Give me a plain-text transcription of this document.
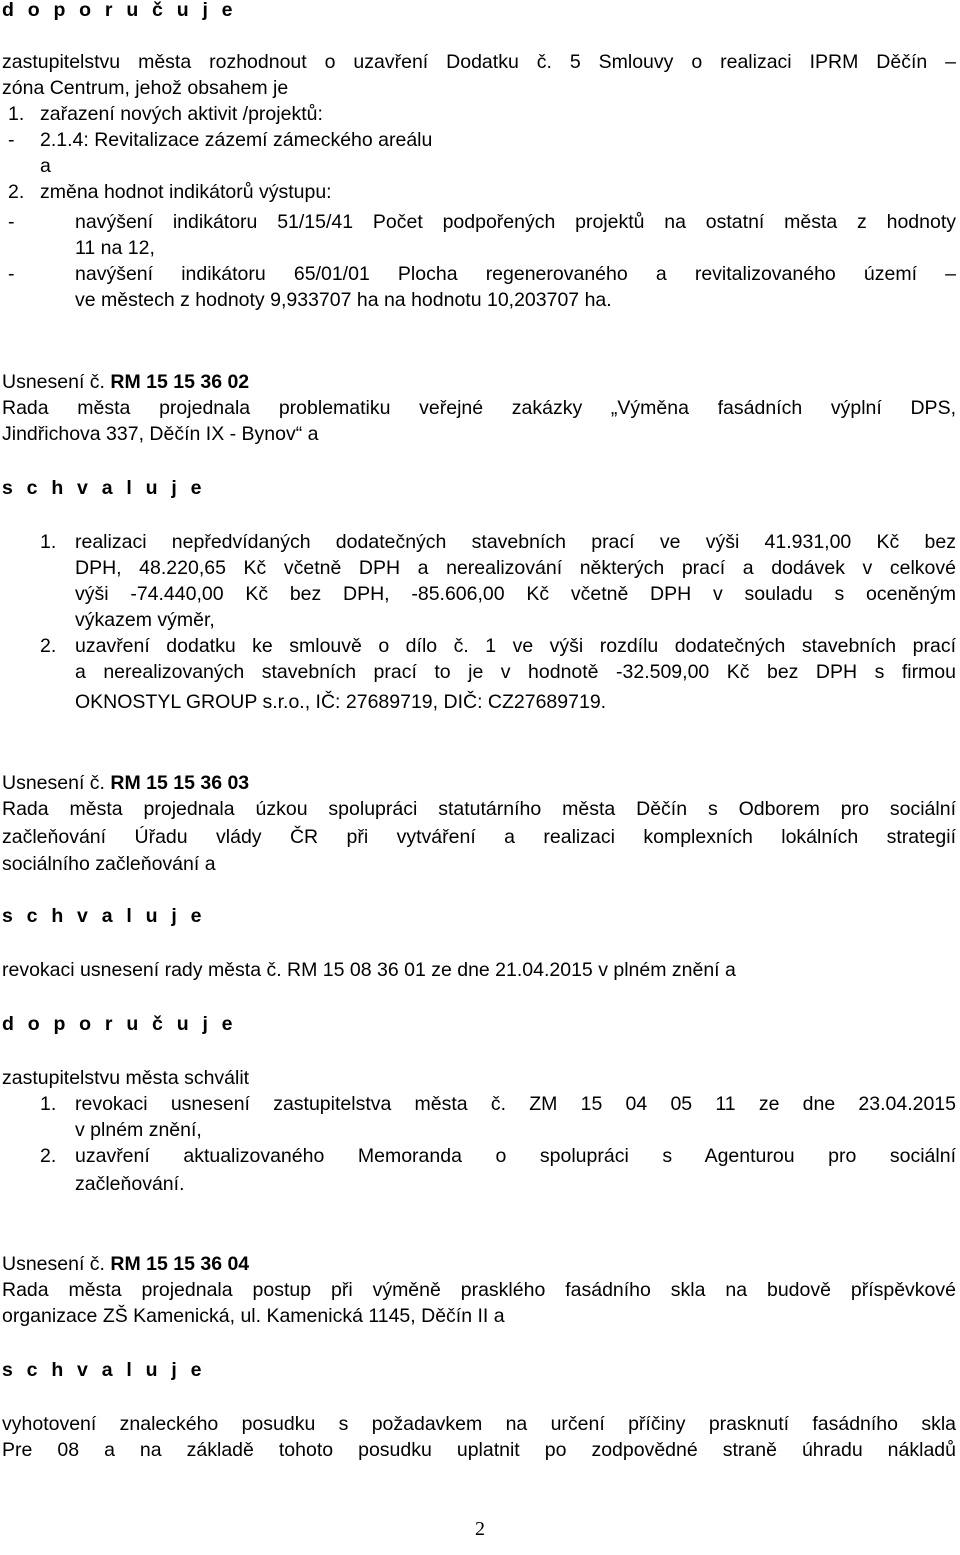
d o p o r u č u j e
zastupitelstvu města rozhodnout o uzavření Dodatku č. 5 Smlouvy o realizaci IPRM Děčín –
zóna Centrum, jehož obsahem je
1. zařazení nových aktivit /projektů:
- 2.1.4: Revitalizace zázemí zámeckého areálu
a
2. změna hodnot indikátorů výstupu:
-	navýšení indikátoru 51/15/41 Počet podpořených projektů na ostatní města z hodnoty
11 na 12,
-	navýšení indikátoru 65/01/01 Plocha regenerovaného a revitalizovaného území –
ve městech z hodnoty 9,933707 ha na hodnotu 10,203707 ha.
Usnesení č. RM 15 15 36 02
Rada města projednala problematiku veřejné zakázky „Výměna fasádních výplní DPS,
Jindřichova 337, Děčín IX - Bynov“ a
s c h v a l u j e
1. realizaci nepředvídaných dodatečných stavebních prací ve výši 41.931,00 Kč bez
DPH, 48.220,65 Kč včetně DPH a nerealizování některých prací a dodávek v celkové
výši -74.440,00 Kč bez DPH, -85.606,00 Kč včetně DPH v souladu s oceněným
výkazem výměr,
2. uzavření dodatku ke smlouvě o dílo č. 1 ve výši rozdílu dodatečných stavebních prací
a nerealizovaných stavebních prací to je v hodnotě -32.509,00 Kč bez DPH s firmou
OKNOSTYL GROUP s.r.o., IČ: 27689719, DIČ: CZ27689719.
Usnesení č. RM 15 15 36 03
Rada města projednala úzkou spolupráci statutárního města Děčín s Odborem pro sociální
začleňování Úřadu vlády ČR při vytváření a realizaci komplexních lokálních strategií
sociálního začleňování a
s c h v a l u j e
revokaci usnesení rady města č. RM 15 08 36 01 ze dne 21.04.2015 v plném znění a
d o p o r u č u j e
zastupitelstvu města schválit
1. revokaci usnesení zastupitelstva města č. ZM 15 04 05 11 ze dne 23.04.2015
v plném znění,
2. uzavření aktualizovaného Memoranda o spolupráci s Agenturou pro sociální
začleňování.
Usnesení č. RM 15 15 36 04
Rada města projednala postup při výměně prasklého fasádního skla na budově příspěvkové
organizace ZŠ Kamenická, ul. Kamenická 1145, Děčín II a
s c h v a l u j e
vyhotovení znaleckého posudku s požadavkem na určení příčiny prasknutí fasádního skla
Pre 08 a na základě tohoto posudku uplatnit po zodpovědné straně úhradu nákladů
2
